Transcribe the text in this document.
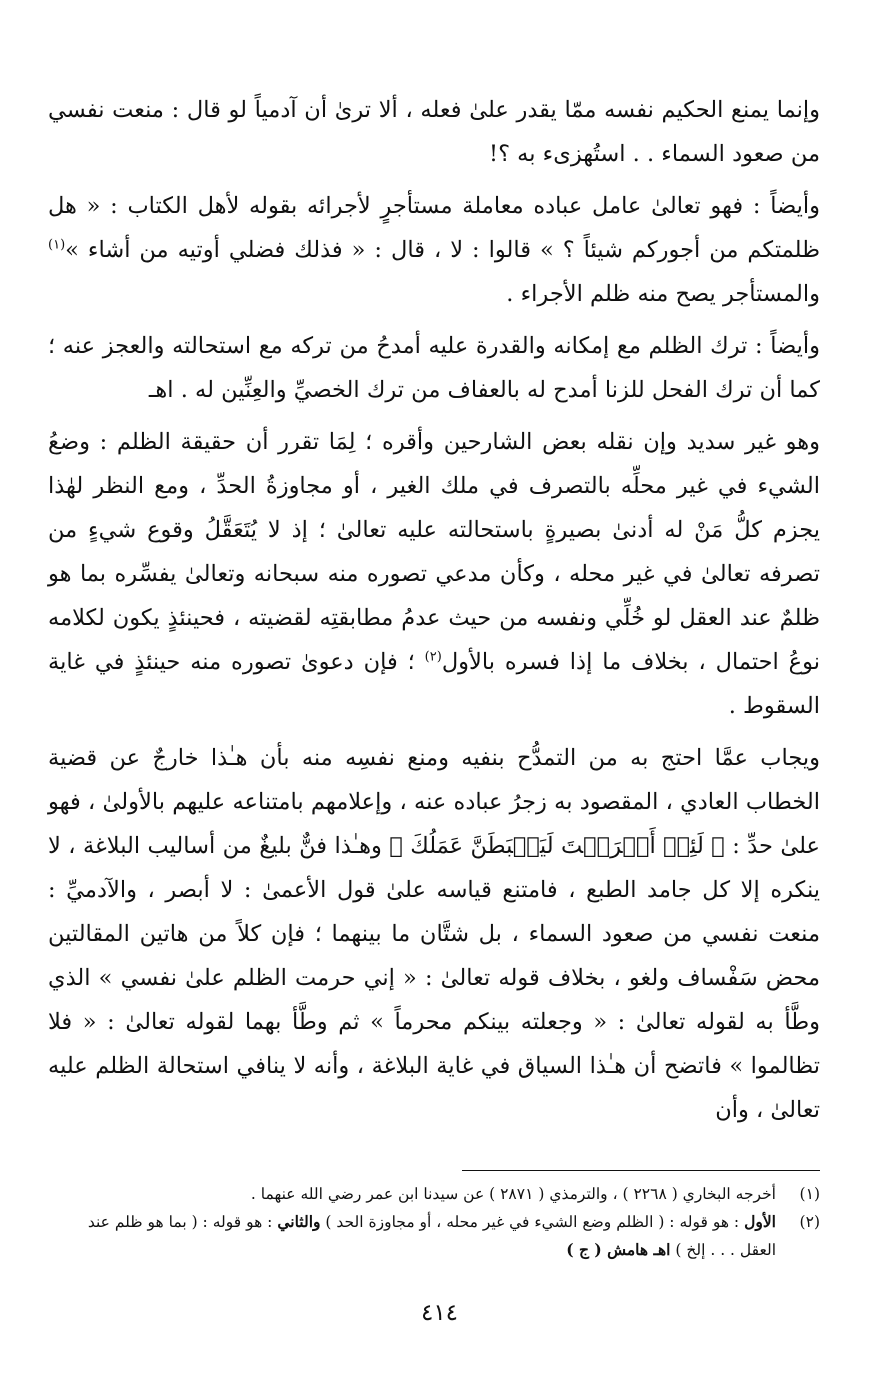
وإنما يمنع الحكيم نفسه ممّا يقدر علىٰ فعله ، ألا ترىٰ أن آدمياً لو قال : منعت نفسي من صعود السماء . . استُهزىء به ؟!

وأيضاً : فهو تعالىٰ عامل عباده معاملة مستأجرٍ لأجرائه بقوله لأهل الكتاب : « هل ظلمتكم من أجوركم شيئاً ؟ » قالوا : لا ، قال : « فذلك فضلي أوتيه من أشاء »$^{(١)}$ والمستأجر يصح منه ظلم الأجراء .

وأيضاً : ترك الظلم مع إمكانه والقدرة عليه أمدحُ من تركه مع استحالته والعجز عنه ؛ كما أن ترك الفحل للزنا أمدح له بالعفاف من ترك الخصيِّ والعِنِّين له . اهـ

وهو غير سديد وإن نقله بعض الشارحين وأقره ؛ لِمَا تقرر أن حقيقة الظلم : وضعُ الشيء في غير محلِّه بالتصرف في ملك الغير ، أو مجاوزةُ الحدِّ ، ومع النظر لهٰذا يجزم كلُّ مَنْ له أدنىٰ بصيرةٍ باستحالته عليه تعالىٰ ؛ إذ لا يُتَعَقَّلُ وقوع شيءٍ من تصرفه تعالىٰ في غير محله ، وكأن مدعي تصوره منه سبحانه وتعالىٰ يفسِّره بما هو ظلمٌ عند العقل لو خُلِّي ونفسه من حيث عدمُ مطابقتِه لقضيته ، فحينئذٍ يكون لكلامه نوعُ احتمال ، بخلاف ما إذا فسره بالأول$^{(٢)}$ ؛ فإن دعوىٰ تصوره منه حينئذٍ في غاية السقوط .

ويجاب عمَّا احتج به من التمدُّح بنفيه ومنع نفسِه منه بأن هـٰذا خارجٌ عن قضية الخطاب العادي ، المقصود به زجرُ عباده عنه ، وإعلامهم بامتناعه عليهم بالأولىٰ ، فهو علىٰ حدِّ : ﴿ لَئِنۡ أَشۡرَكۡتَ لَيَحۡبَطَنَّ عَمَلُكَ ﴾ وهـٰذا فنٌّ بليغٌ من أساليب البلاغة ، لا ينكره إلا كل جامد الطبع ، فامتنع قياسه علىٰ قول الأعمىٰ : لا أبصر ، والآدميِّ : منعت نفسي من صعود السماء ، بل شتَّان ما بينهما ؛ فإن كلاً من هاتين المقالتين محض سَفْساف ولغو ، بخلاف قوله تعالىٰ : « إني حرمت الظلم علىٰ نفسي » الذي وطَّأ به لقوله تعالىٰ : « وجعلته بينكم محرماً » ثم وطَّأ بهما لقوله تعالىٰ : « فلا تظالموا » فاتضح أن هـٰذا السياق في غاية البلاغة ، وأنه لا ينافي استحالة الظلم عليه تعالىٰ ، وأن

(١)
أخرجه البخاري ( ٢٢٦٨ ) ، والترمذي ( ٢٨٧١ ) عن سيدنا ابن عمر رضي الله عنهما .
(٢)
الأول : هو قوله : ( الظلم وضع الشيء في غير محله ، أو مجاوزة الحد ) والثاني : هو قوله : ( بما هو ظلم عند العقل . . . إلخ ) اهـ هامش ( ج )
٤١٤
